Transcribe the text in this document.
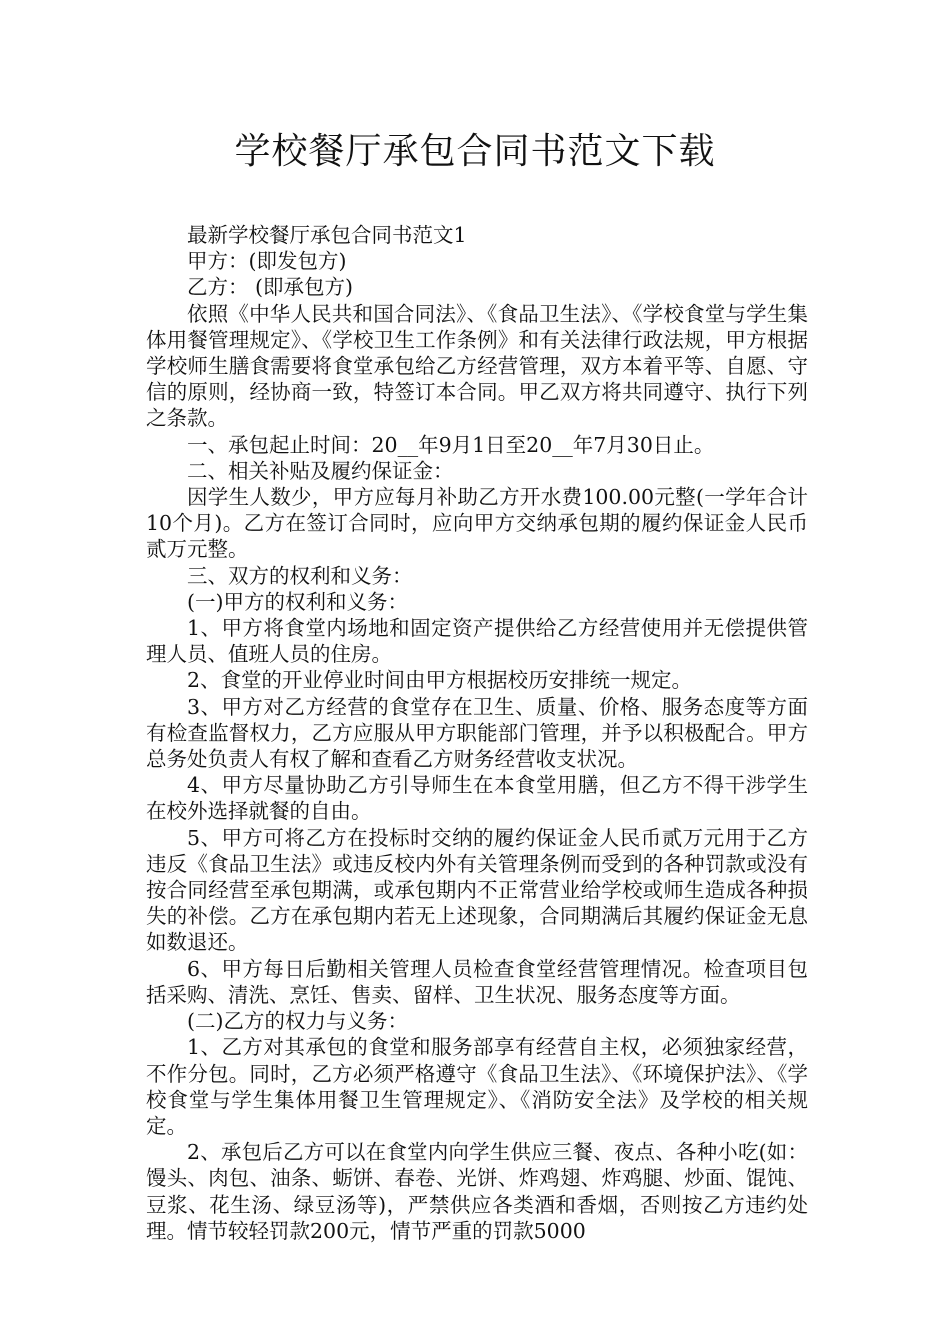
学校餐厅承包合同书范文下载

最新学校餐厅承包合同书范文1

甲方：(即发包方)

乙方： (即承包方)

依照《中华人民共和国合同法》、《食品卫生法》、《学校食堂与学生集体用餐管理规定》、《学校卫生工作条例》和有关法律行政法规，甲方根据学校师生膳食需要将食堂承包给乙方经营管理，双方本着平等、自愿、守信的原则，经协商一致，特签订本合同。甲乙双方将共同遵守、执行下列之条款。

一、承包起止时间：20__年9月1日至20__年7月30日止。

二、相关补贴及履约保证金：

因学生人数少，甲方应每月补助乙方开水费100.00元整(一学年合计10个月)。乙方在签订合同时，应向甲方交纳承包期的履约保证金人民币贰万元整。

三、双方的权利和义务：

(一)甲方的权利和义务：

1、甲方将食堂内场地和固定资产提供给乙方经营使用并无偿提供管理人员、值班人员的住房。

2、食堂的开业停业时间由甲方根据校历安排统一规定。

3、甲方对乙方经营的食堂存在卫生、质量、价格、服务态度等方面有检查监督权力，乙方应服从甲方职能部门管理，并予以积极配合。甲方总务处负责人有权了解和查看乙方财务经营收支状况。

4、甲方尽量协助乙方引导师生在本食堂用膳，但乙方不得干涉学生在校外选择就餐的自由。

5、甲方可将乙方在投标时交纳的履约保证金人民币贰万元用于乙方违反《食品卫生法》或违反校内外有关管理条例而受到的各种罚款或没有按合同经营至承包期满，或承包期内不正常营业给学校或师生造成各种损失的补偿。乙方在承包期内若无上述现象，合同期满后其履约保证金无息如数退还。

6、甲方每日后勤相关管理人员检查食堂经营管理情况。检查项目包括采购、清洗、烹饪、售卖、留样、卫生状况、服务态度等方面。

(二)乙方的权力与义务：

1、乙方对其承包的食堂和服务部享有经营自主权，必须独家经营，不作分包。同时，乙方必须严格遵守《食品卫生法》、《环境保护法》、《学校食堂与学生集体用餐卫生管理规定》、《消防安全法》及学校的相关规定。

2、承包后乙方可以在食堂内向学生供应三餐、夜点、各种小吃(如：馒头、肉包、油条、蛎饼、春卷、光饼、炸鸡翅、炸鸡腿、炒面、馄饨、豆浆、花生汤、绿豆汤等)，严禁供应各类酒和香烟，否则按乙方违约处理。情节较轻罚款200元，情节严重的罚款5000
